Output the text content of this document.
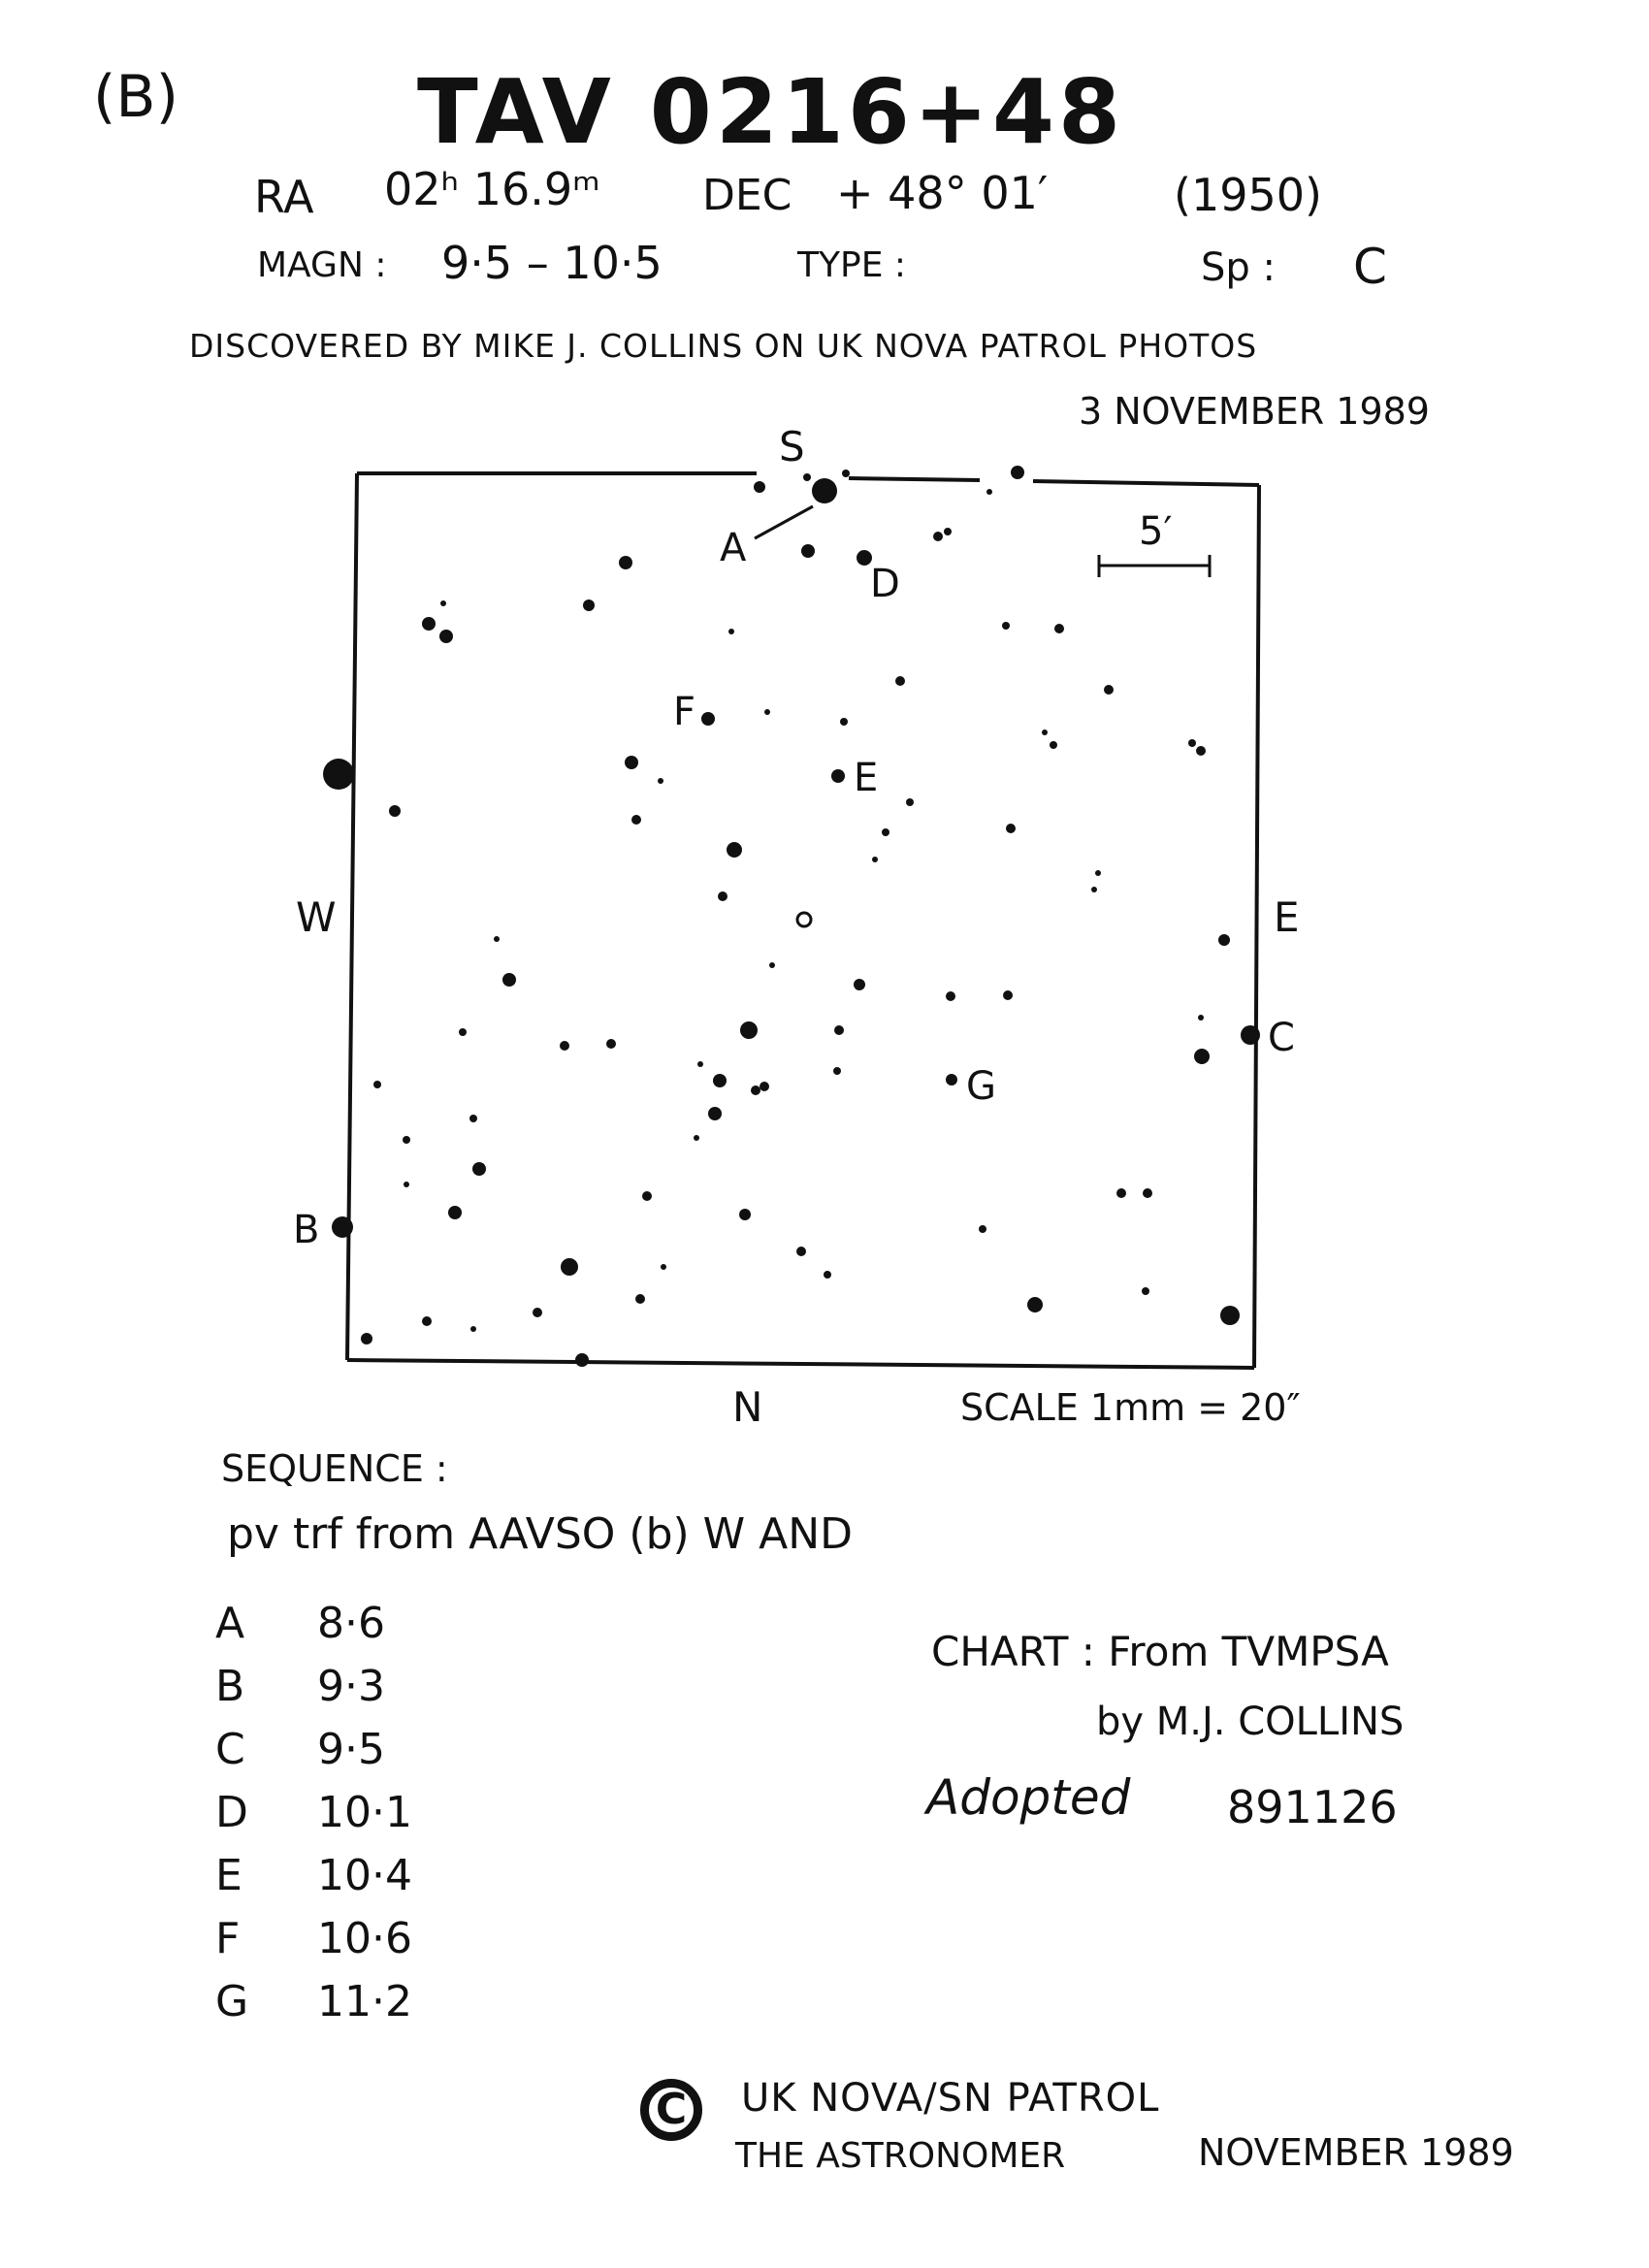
(B)	TAV 0216+48
RA 02ʰ 16.9ᵐ DEC + 48° 01′	(1950)
MAGN : 9·5 – 10·5	TYPE :	Sp : C
DISCOVERED BY MIKE J. COLLINS ON UK NOVA PATROL PHOTOS
3 NOVEMBER 1989
S
N
W	E
5′
SCALE 1mm = 20″
A
B
C
D
E
F
G
SEQUENCE :
pv trf from AAVSO (b) W AND
A 8·6
B 9·3
C 9·5
D 10·1
E 10·4
F 10·6
G 11·2
CHART : From TVMPSA
by M.J. COLLINS
Adopted 891126
C	UK NOVA/SN PATROL
THE ASTRONOMER	NOVEMBER 1989
